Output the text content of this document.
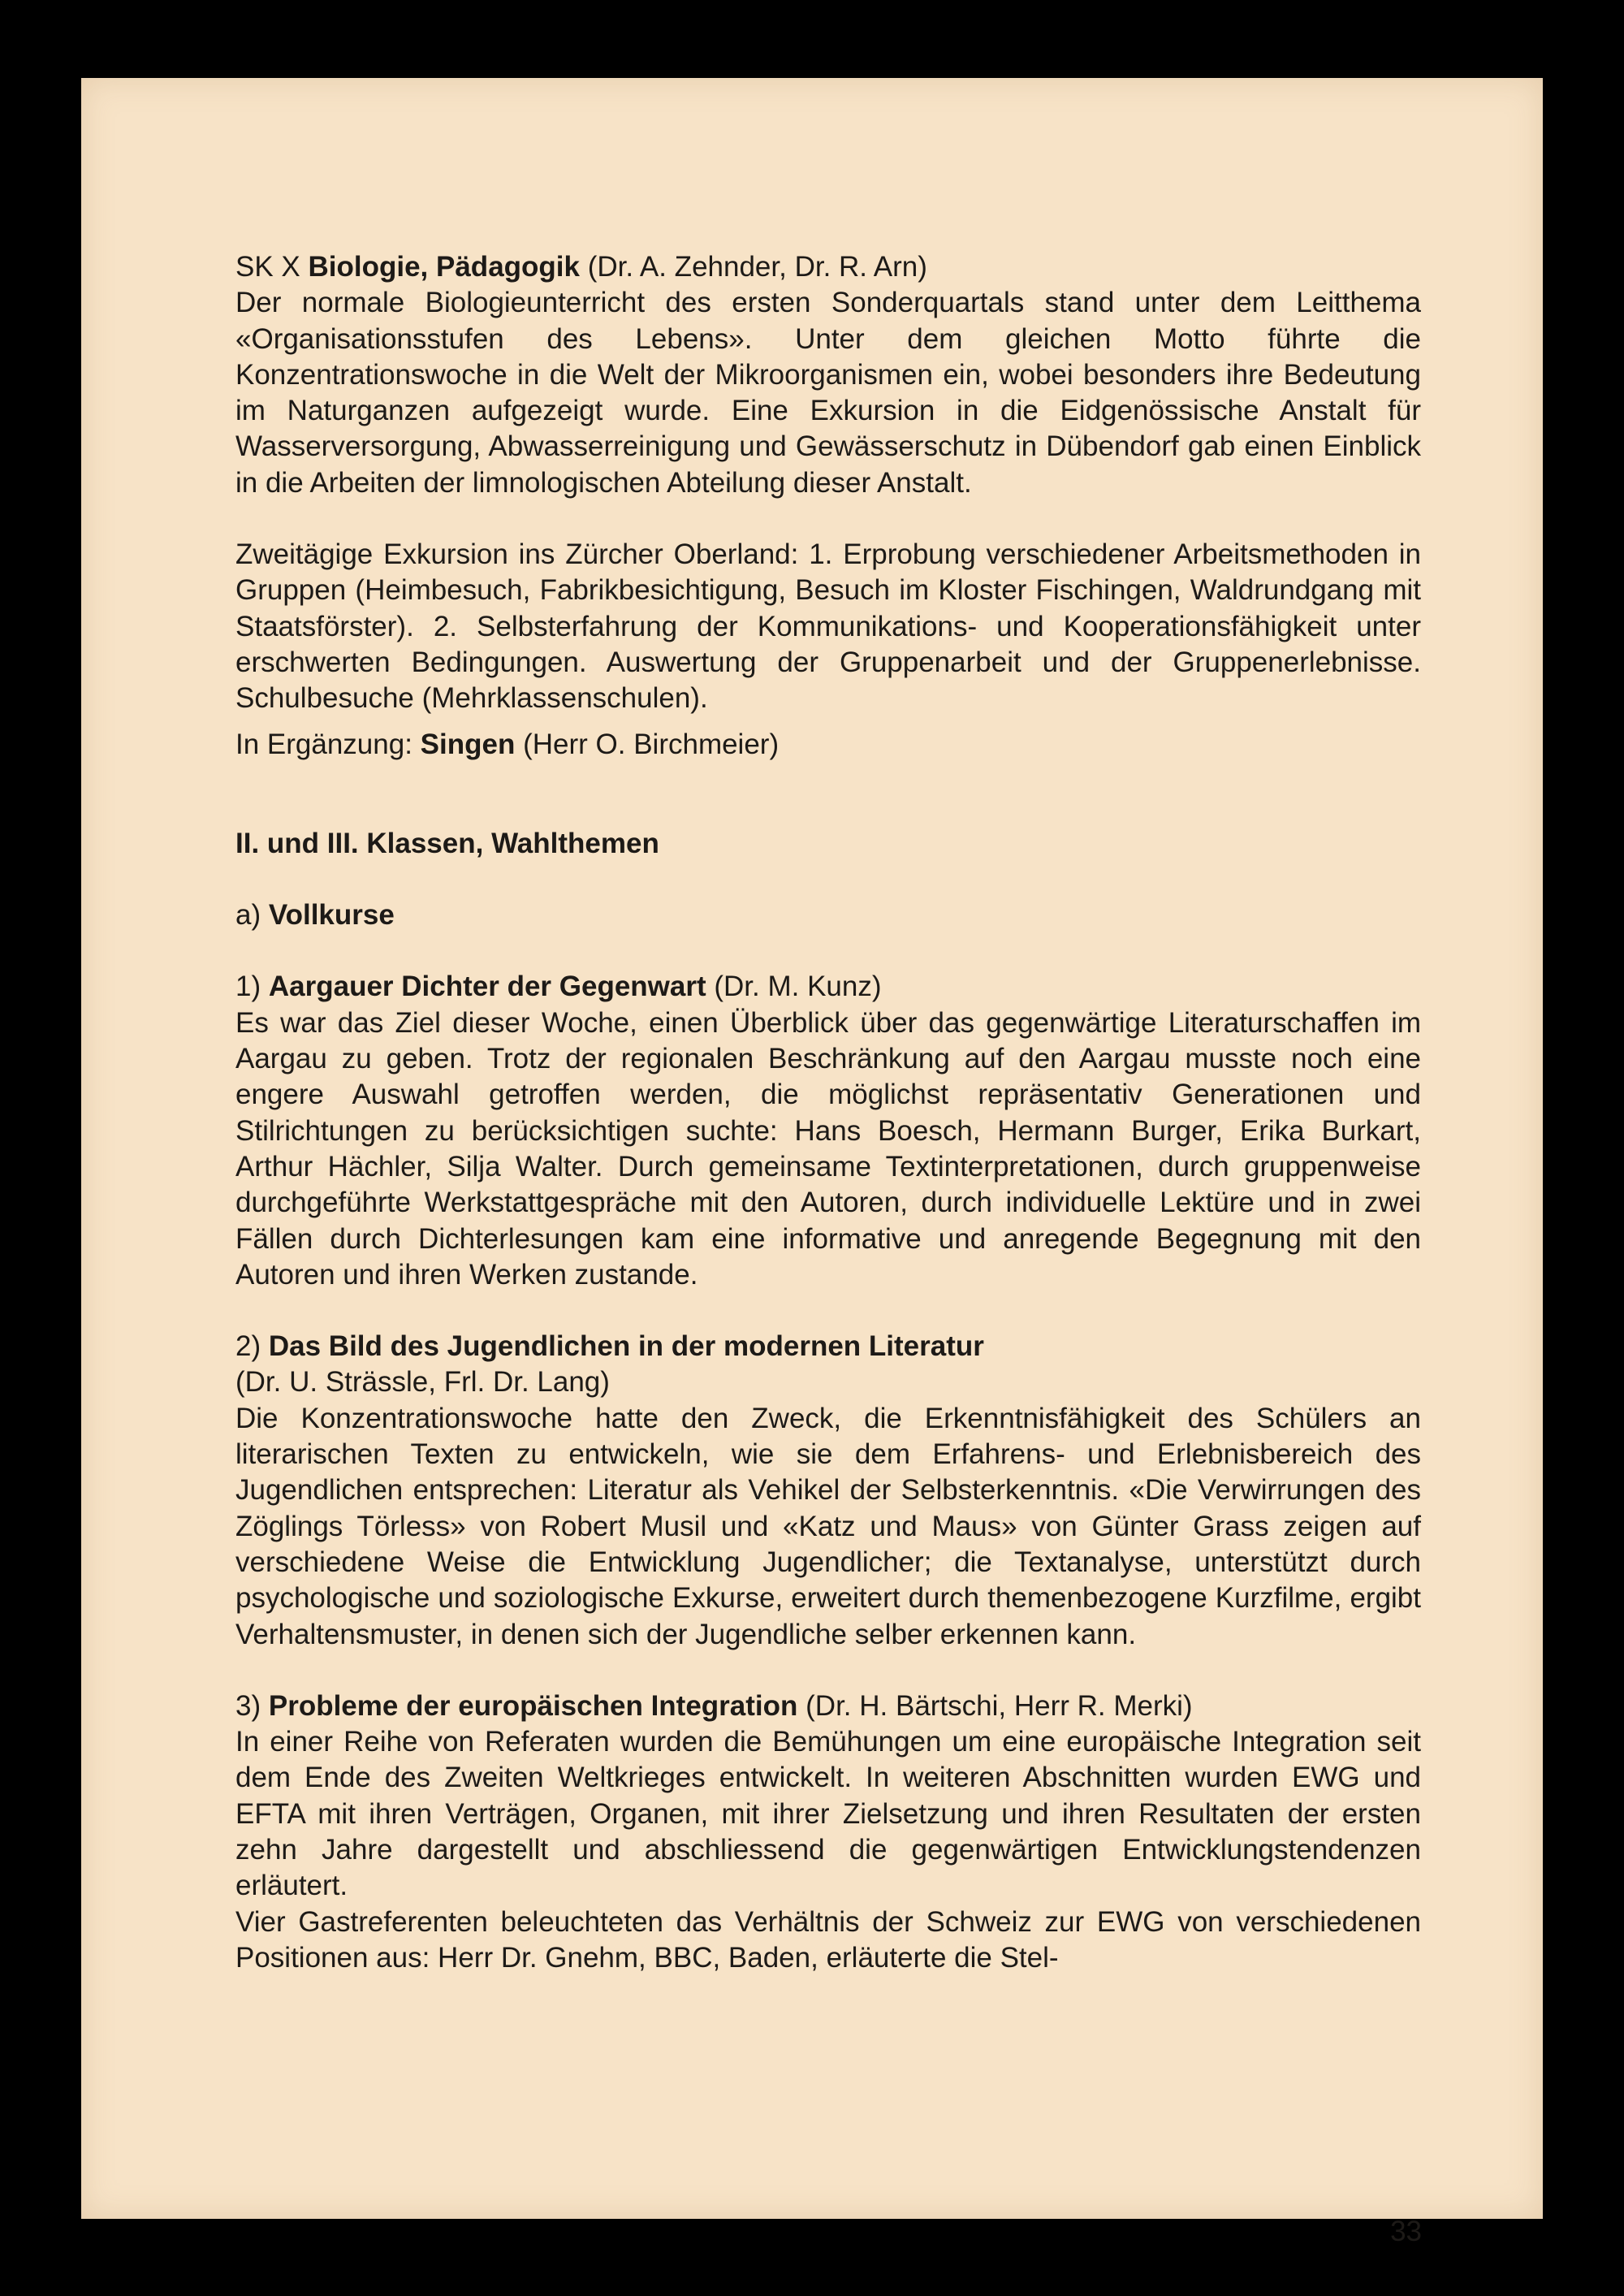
SK X Biologie, Pädagogik (Dr. A. Zehnder, Dr. R. Arn)

Der normale Biologieunterricht des ersten Sonderquartals stand unter dem Leitthema «Organisationsstufen des Lebens». Unter dem gleichen Motto führte die Konzentrationswoche in die Welt der Mikroorganismen ein, wobei besonders ihre Bedeutung im Naturganzen aufgezeigt wurde. Eine Exkursion in die Eidgenössische Anstalt für Wasserversorgung, Abwasserreinigung und Gewässerschutz in Dübendorf gab einen Einblick in die Arbeiten der limnologischen Abteilung dieser Anstalt.

Zweitägige Exkursion ins Zürcher Oberland: 1. Erprobung verschiedener Arbeitsmethoden in Gruppen (Heimbesuch, Fabrikbesichtigung, Besuch im Kloster Fischingen, Waldrundgang mit Staatsförster). 2. Selbsterfahrung der Kommunikations- und Kooperationsfähigkeit unter erschwerten Bedingungen. Auswertung der Gruppenarbeit und der Gruppenerlebnisse. Schulbesuche (Mehrklassenschulen).

In Ergänzung: Singen (Herr O. Birchmeier)

II. und III. Klassen, Wahlthemen

a) Vollkurse

1) Aargauer Dichter der Gegenwart (Dr. M. Kunz)

Es war das Ziel dieser Woche, einen Überblick über das gegenwärtige Literaturschaffen im Aargau zu geben. Trotz der regionalen Beschränkung auf den Aargau musste noch eine engere Auswahl getroffen werden, die möglichst repräsentativ Generationen und Stilrichtungen zu berücksichtigen suchte: Hans Boesch, Hermann Burger, Erika Burkart, Arthur Hächler, Silja Walter. Durch gemeinsame Textinterpretationen, durch gruppenweise durchgeführte Werkstattgespräche mit den Autoren, durch individuelle Lektüre und in zwei Fällen durch Dichterlesungen kam eine informative und anregende Begegnung mit den Autoren und ihren Werken zustande.

2) Das Bild des Jugendlichen in der modernen Literatur

(Dr. U. Strässle, Frl. Dr. Lang)

Die Konzentrationswoche hatte den Zweck, die Erkenntnisfähigkeit des Schülers an literarischen Texten zu entwickeln, wie sie dem Erfahrens- und Erlebnisbereich des Jugendlichen entsprechen: Literatur als Vehikel der Selbsterkenntnis. «Die Verwirrungen des Zöglings Törless» von Robert Musil und «Katz und Maus» von Günter Grass zeigen auf verschiedene Weise die Entwicklung Jugendlicher; die Textanalyse, unterstützt durch psychologische und soziologische Exkurse, erweitert durch themenbezogene Kurzfilme, ergibt Verhaltensmuster, in denen sich der Jugendliche selber erkennen kann.

3) Probleme der europäischen Integration (Dr. H. Bärtschi, Herr R. Merki)

In einer Reihe von Referaten wurden die Bemühungen um eine europäische Integration seit dem Ende des Zweiten Weltkrieges entwickelt. In weiteren Abschnitten wurden EWG und EFTA mit ihren Verträgen, Organen, mit ihrer Zielsetzung und ihren Resultaten der ersten zehn Jahre dargestellt und abschliessend die gegenwärtigen Entwicklungstendenzen erläutert.

Vier Gastreferenten beleuchteten das Verhältnis der Schweiz zur EWG von verschiedenen Positionen aus: Herr Dr. Gnehm, BBC, Baden, erläuterte die Stel-

33
